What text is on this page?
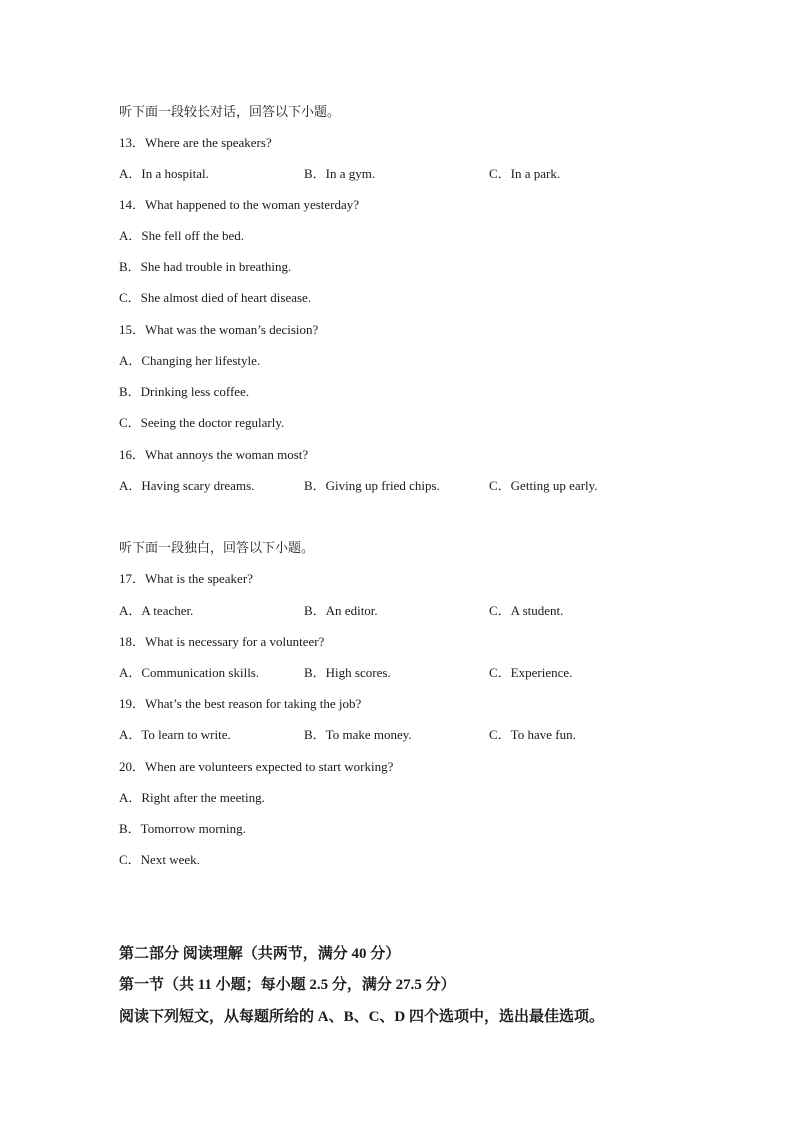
听下面一段较长对话，回答以下小题。
13．Where are the speakers?
A．In a hospital.	B．In a gym.	C．In a park.
14．What happened to the woman yesterday?
A．She fell off the bed.
B．She had trouble in breathing.
C．She almost died of heart disease.
15．What was the woman’s decision?
A．Changing her lifestyle.
B．Drinking less coffee.
C．Seeing the doctor regularly.
16．What annoys the woman most?
A．Having scary dreams.	B．Giving up fried chips.	C．Getting up early.
听下面一段独白，回答以下小题。
17．What is the speaker?
A．A teacher.	B．An editor.	C．A student.
18．What is necessary for a volunteer?
A．Communication skills.	B．High scores.	C．Experience.
19．What’s the best reason for taking the job?
A．To learn to write.	B．To make money.	C．To have fun.
20．When are volunteers expected to start working?
A．Right after the meeting.
B．Tomorrow morning.
C．Next week.
第二部分 阅读理解（共两节，满分 40 分）
第一节（共 11 小题；每小题 2.5 分，满分 27.5 分）
阅读下列短文，从每题所给的 A、B、C、D 四个选项中，选出最佳选项。
